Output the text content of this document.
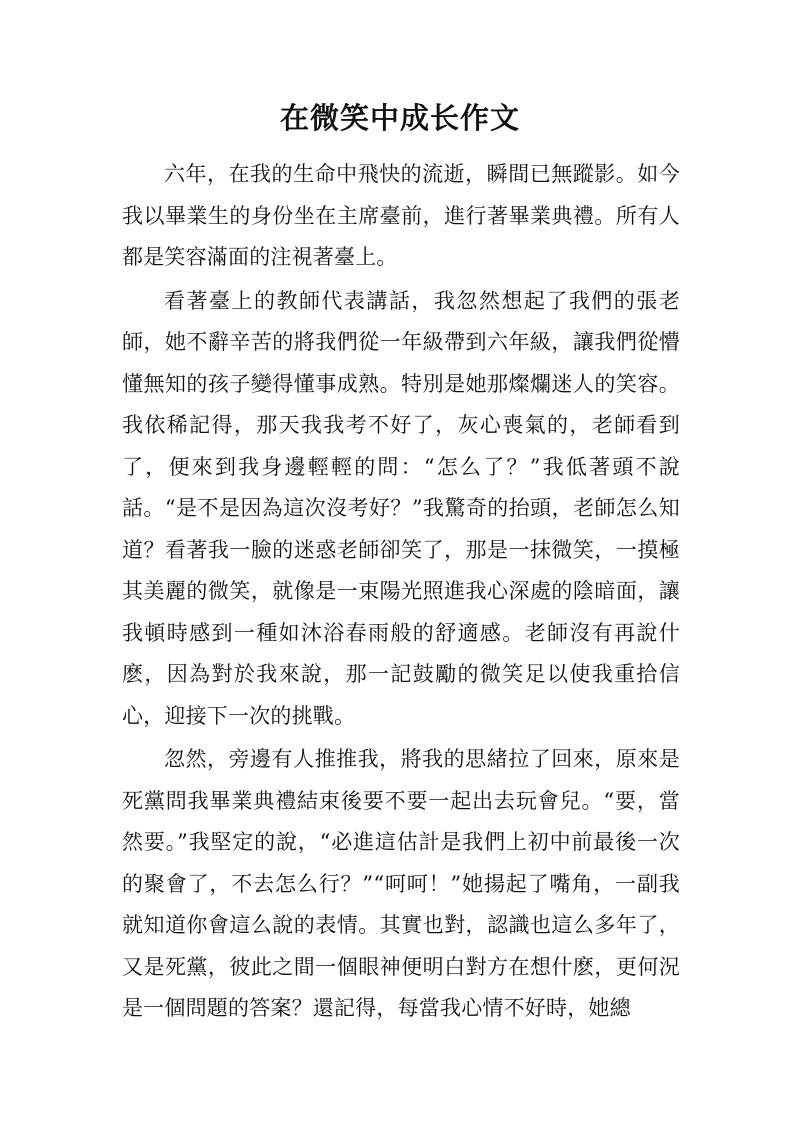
在微笑中成长作文

六年，在我的生命中飛快的流逝，瞬間已無蹤影。如今我以畢業生的身份坐在主席臺前，進行著畢業典禮。所有人都是笑容滿面的注視著臺上。

看著臺上的教師代表講話，我忽然想起了我們的張老師，她不辭辛苦的將我們從一年級帶到六年級，讓我們從懵懂無知的孩子變得懂事成熟。特別是她那燦爛迷人的笑容。我依稀記得，那天我我考不好了，灰心喪氣的，老師看到了，便來到我身邊輕輕的問：“怎么了？”我低著頭不說話。“是不是因為這次沒考好？”我驚奇的抬頭，老師怎么知道？看著我一臉的迷惑老師卻笑了，那是一抹微笑，一摸極其美麗的微笑，就像是一束陽光照進我心深處的陰暗面，讓我頓時感到一種如沐浴春雨般的舒適感。老師沒有再說什麽，因為對於我來說，那一記鼓勵的微笑足以使我重拾信心，迎接下一次的挑戰。

忽然，旁邊有人推推我，將我的思緒拉了回來，原來是死黨問我畢業典禮結束後要不要一起出去玩會兒。“要，當然要。”我堅定的說，“必進這估計是我們上初中前最後一次的聚會了，不去怎么行？”“呵呵！”她揚起了嘴角，一副我就知道你會這么說的表情。其實也對，認識也這么多年了，又是死黨，彼此之間一個眼神便明白對方在想什麽，更何況是一個問題的答案？還記得，每當我心情不好時，她總
